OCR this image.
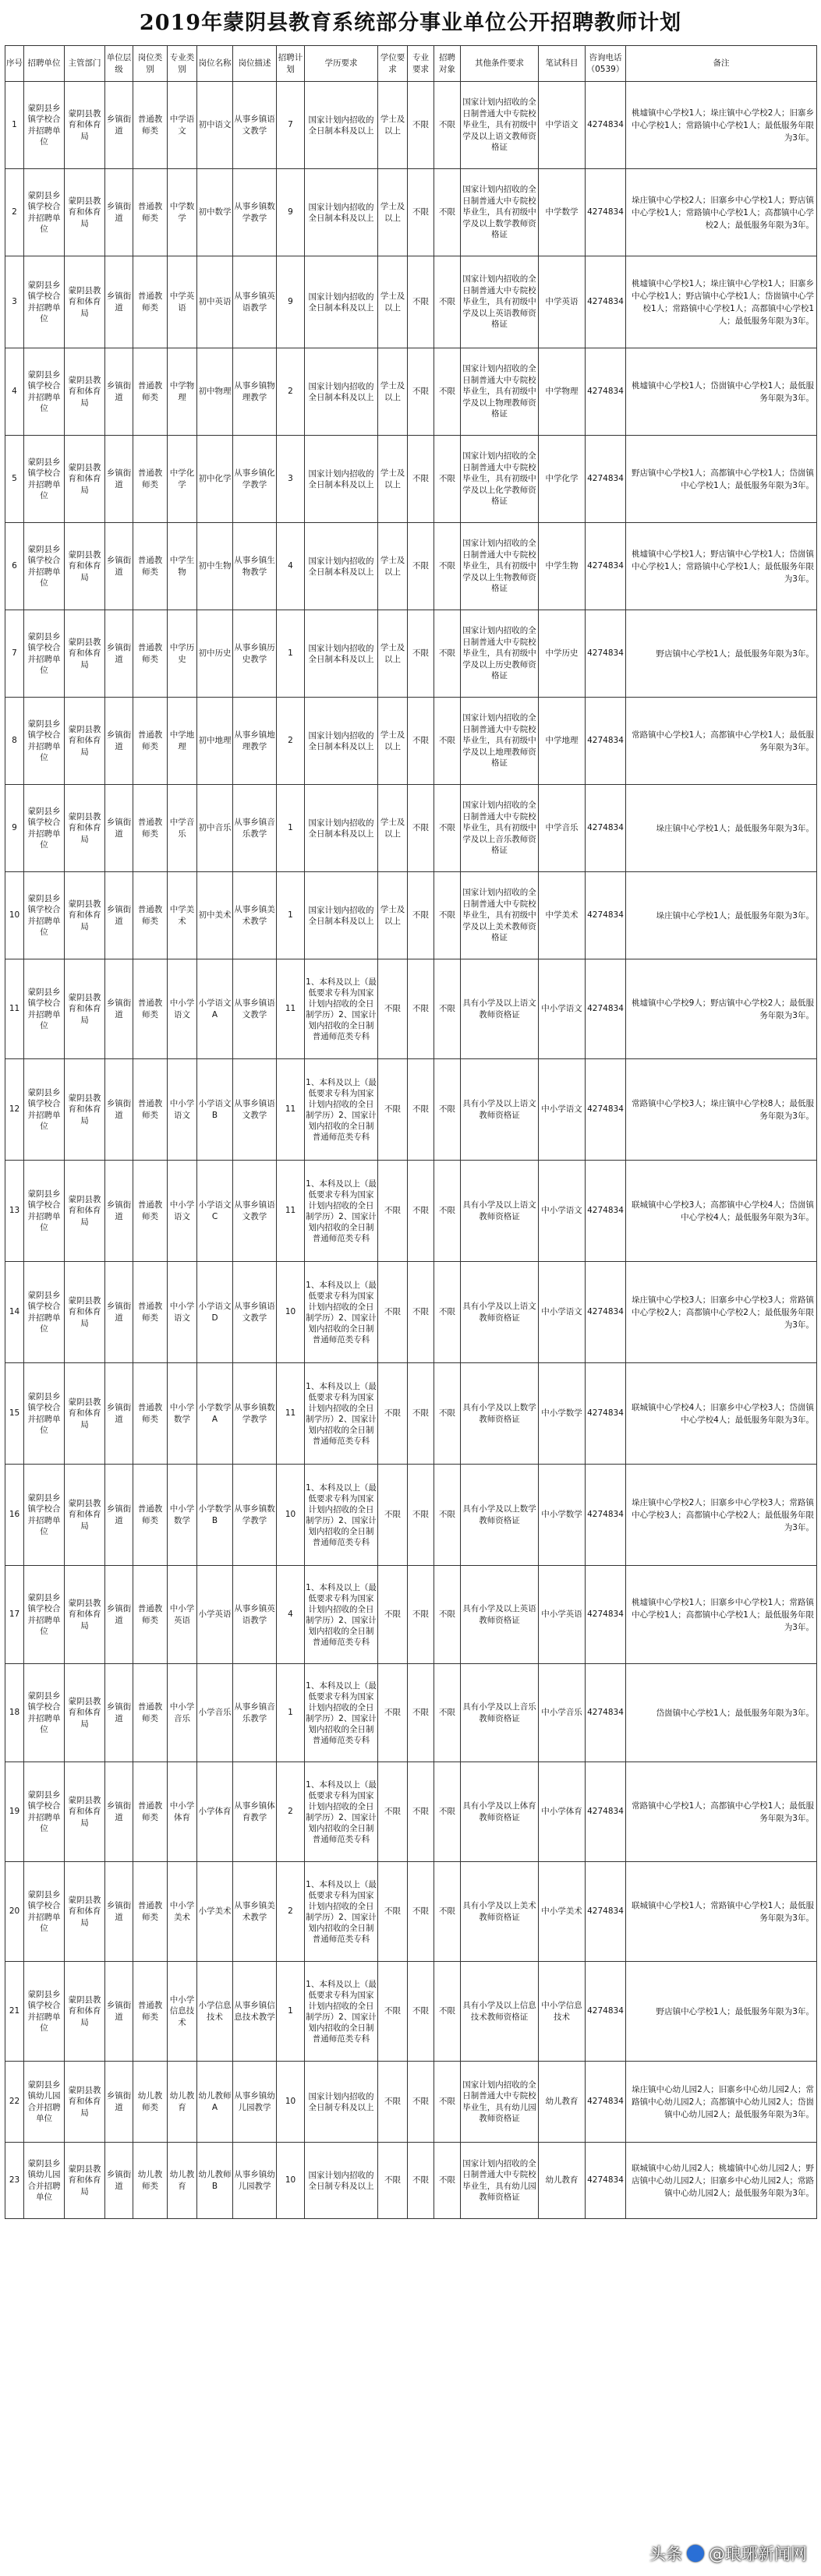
2019年蒙阴县教育系统部分事业单位公开招聘教师计划
序号	招聘单位	主管部门	单位层级	岗位类别	专业类别	岗位名称	岗位描述	招聘计划	学历要求	学位要求	专业要求	招聘对象	其他条件要求	笔试科目	咨询电话（0539）	备注
1	蒙阴县乡镇学校合并招聘单位	蒙阴县教育和体育局	乡镇街道	普通教师类	中学语文	初中语文	从事乡镇语文教学	7	国家计划内招收的全日制本科及以上	学士及以上	不限	不限	国家计划内招收的全日制普通大中专院校毕业生，具有初级中学及以上语文教师资格证	中学语文	4274834	桃墟镇中心学校1人；垛庄镇中心学校2人；旧寨乡中心学校1人；常路镇中心学校1人；最低服务年限为3年。
2	蒙阴县乡镇学校合并招聘单位	蒙阴县教育和体育局	乡镇街道	普通教师类	中学数学	初中数学	从事乡镇数学教学	9	国家计划内招收的全日制本科及以上	学士及以上	不限	不限	国家计划内招收的全日制普通大中专院校毕业生，具有初级中学及以上数学教师资格证	中学数学	4274834	垛庄镇中心学校2人；旧寨乡中心学校1人；野店镇中心学校1人；常路镇中心学校1人；高都镇中心学校2人；最低服务年限为3年。
3	蒙阴县乡镇学校合并招聘单位	蒙阴县教育和体育局	乡镇街道	普通教师类	中学英语	初中英语	从事乡镇英语教学	9	国家计划内招收的全日制本科及以上	学士及以上	不限	不限	国家计划内招收的全日制普通大中专院校毕业生，具有初级中学及以上英语教师资格证	中学英语	4274834	桃墟镇中心学校1人；垛庄镇中心学校1人；旧寨乡中心学校1人；野店镇中心学校1人；岱崮镇中心学校1人；常路镇中心学校1人；高都镇中心学校1人；最低服务年限为3年。
4	蒙阴县乡镇学校合并招聘单位	蒙阴县教育和体育局	乡镇街道	普通教师类	中学物理	初中物理	从事乡镇物理教学	2	国家计划内招收的全日制本科及以上	学士及以上	不限	不限	国家计划内招收的全日制普通大中专院校毕业生，具有初级中学及以上物理教师资格证	中学物理	4274834	桃墟镇中心学校1人；岱崮镇中心学校1人；最低服务年限为3年。
5	蒙阴县乡镇学校合并招聘单位	蒙阴县教育和体育局	乡镇街道	普通教师类	中学化学	初中化学	从事乡镇化学教学	3	国家计划内招收的全日制本科及以上	学士及以上	不限	不限	国家计划内招收的全日制普通大中专院校毕业生，具有初级中学及以上化学教师资格证	中学化学	4274834	野店镇中心学校1人；高都镇中心学校1人；岱崮镇中心学校1人；最低服务年限为3年。
6	蒙阴县乡镇学校合并招聘单位	蒙阴县教育和体育局	乡镇街道	普通教师类	中学生物	初中生物	从事乡镇生物教学	4	国家计划内招收的全日制本科及以上	学士及以上	不限	不限	国家计划内招收的全日制普通大中专院校毕业生，具有初级中学及以上生物教师资格证	中学生物	4274834	桃墟镇中心学校1人；野店镇中心学校1人；岱崮镇中心学校1人；常路镇中心学校1人；最低服务年限为3年。
7	蒙阴县乡镇学校合并招聘单位	蒙阴县教育和体育局	乡镇街道	普通教师类	中学历史	初中历史	从事乡镇历史教学	1	国家计划内招收的全日制本科及以上	学士及以上	不限	不限	国家计划内招收的全日制普通大中专院校毕业生，具有初级中学及以上历史教师资格证	中学历史	4274834	野店镇中心学校1人；最低服务年限为3年。
8	蒙阴县乡镇学校合并招聘单位	蒙阴县教育和体育局	乡镇街道	普通教师类	中学地理	初中地理	从事乡镇地理教学	2	国家计划内招收的全日制本科及以上	学士及以上	不限	不限	国家计划内招收的全日制普通大中专院校毕业生，具有初级中学及以上地理教师资格证	中学地理	4274834	常路镇中心学校1人；高都镇中心学校1人；最低服务年限为3年。
9	蒙阴县乡镇学校合并招聘单位	蒙阴县教育和体育局	乡镇街道	普通教师类	中学音乐	初中音乐	从事乡镇音乐教学	1	国家计划内招收的全日制本科及以上	学士及以上	不限	不限	国家计划内招收的全日制普通大中专院校毕业生，具有初级中学及以上音乐教师资格证	中学音乐	4274834	垛庄镇中心学校1人；最低服务年限为3年。
10	蒙阴县乡镇学校合并招聘单位	蒙阴县教育和体育局	乡镇街道	普通教师类	中学美术	初中美术	从事乡镇美术教学	1	国家计划内招收的全日制本科及以上	学士及以上	不限	不限	国家计划内招收的全日制普通大中专院校毕业生，具有初级中学及以上美术教师资格证	中学美术	4274834	垛庄镇中心学校1人；最低服务年限为3年。
11	蒙阴县乡镇学校合并招聘单位	蒙阴县教育和体育局	乡镇街道	普通教师类	中小学语文	小学语文A	从事乡镇语文教学	11	1、本科及以上（最低要求专科为国家计划内招收的全日制学历）2、国家计划内招收的全日制普通师范类专科	不限	不限	不限	具有小学及以上语文教师资格证	中小学语文	4274834	桃墟镇中心学校9人；野店镇中心学校2人；最低服务年限为3年。
12	蒙阴县乡镇学校合并招聘单位	蒙阴县教育和体育局	乡镇街道	普通教师类	中小学语文	小学语文B	从事乡镇语文教学	11	1、本科及以上（最低要求专科为国家计划内招收的全日制学历）2、国家计划内招收的全日制普通师范类专科	不限	不限	不限	具有小学及以上语文教师资格证	中小学语文	4274834	常路镇中心学校3人；垛庄镇中心学校8人；最低服务年限为3年。
13	蒙阴县乡镇学校合并招聘单位	蒙阴县教育和体育局	乡镇街道	普通教师类	中小学语文	小学语文C	从事乡镇语文教学	11	1、本科及以上（最低要求专科为国家计划内招收的全日制学历）2、国家计划内招收的全日制普通师范类专科	不限	不限	不限	具有小学及以上语文教师资格证	中小学语文	4274834	联城镇中心学校3人；高都镇中心学校4人；岱崮镇中心学校4人；最低服务年限为3年。
14	蒙阴县乡镇学校合并招聘单位	蒙阴县教育和体育局	乡镇街道	普通教师类	中小学语文	小学语文D	从事乡镇语文教学	10	1、本科及以上（最低要求专科为国家计划内招收的全日制学历）2、国家计划内招收的全日制普通师范类专科	不限	不限	不限	具有小学及以上语文教师资格证	中小学语文	4274834	垛庄镇中心学校3人；旧寨乡中心学校3人；常路镇中心学校2人；高都镇中心学校2人；最低服务年限为3年。
15	蒙阴县乡镇学校合并招聘单位	蒙阴县教育和体育局	乡镇街道	普通教师类	中小学数学	小学数学A	从事乡镇数学教学	11	1、本科及以上（最低要求专科为国家计划内招收的全日制学历）2、国家计划内招收的全日制普通师范类专科	不限	不限	不限	具有小学及以上数学教师资格证	中小学数学	4274834	联城镇中心学校4人；旧寨乡中心学校3人；岱崮镇中心学校4人；最低服务年限为3年。
16	蒙阴县乡镇学校合并招聘单位	蒙阴县教育和体育局	乡镇街道	普通教师类	中小学数学	小学数学B	从事乡镇数学教学	10	1、本科及以上（最低要求专科为国家计划内招收的全日制学历）2、国家计划内招收的全日制普通师范类专科	不限	不限	不限	具有小学及以上数学教师资格证	中小学数学	4274834	垛庄镇中心学校2人；旧寨乡中心学校3人；常路镇中心学校3人；高都镇中心学校2人；最低服务年限为3年。
17	蒙阴县乡镇学校合并招聘单位	蒙阴县教育和体育局	乡镇街道	普通教师类	中小学英语	小学英语	从事乡镇英语教学	4	1、本科及以上（最低要求专科为国家计划内招收的全日制学历）2、国家计划内招收的全日制普通师范类专科	不限	不限	不限	具有小学及以上英语教师资格证	中小学英语	4274834	桃墟镇中心学校1人；旧寨乡中心学校1人；常路镇中心学校1人；高都镇中心学校1人；最低服务年限为3年。
18	蒙阴县乡镇学校合并招聘单位	蒙阴县教育和体育局	乡镇街道	普通教师类	中小学音乐	小学音乐	从事乡镇音乐教学	1	1、本科及以上（最低要求专科为国家计划内招收的全日制学历）2、国家计划内招收的全日制普通师范类专科	不限	不限	不限	具有小学及以上音乐教师资格证	中小学音乐	4274834	岱崮镇中心学校1人；最低服务年限为3年。
19	蒙阴县乡镇学校合并招聘单位	蒙阴县教育和体育局	乡镇街道	普通教师类	中小学体育	小学体育	从事乡镇体育教学	2	1、本科及以上（最低要求专科为国家计划内招收的全日制学历）2、国家计划内招收的全日制普通师范类专科	不限	不限	不限	具有小学及以上体育教师资格证	中小学体育	4274834	常路镇中心学校1人；高都镇中心学校1人；最低服务年限为3年。
20	蒙阴县乡镇学校合并招聘单位	蒙阴县教育和体育局	乡镇街道	普通教师类	中小学美术	小学美术	从事乡镇美术教学	2	1、本科及以上（最低要求专科为国家计划内招收的全日制学历）2、国家计划内招收的全日制普通师范类专科	不限	不限	不限	具有小学及以上美术教师资格证	中小学美术	4274834	联城镇中心学校1人；常路镇中心学校1人；最低服务年限为3年。
21	蒙阴县乡镇学校合并招聘单位	蒙阴县教育和体育局	乡镇街道	普通教师类	中小学信息技术	小学信息技术	从事乡镇信息技术教学	1	1、本科及以上（最低要求专科为国家计划内招收的全日制学历）2、国家计划内招收的全日制普通师范类专科	不限	不限	不限	具有小学及以上信息技术教师资格证	中小学信息技术	4274834	野店镇中心学校1人；最低服务年限为3年。
22	蒙阴县乡镇幼儿园合并招聘单位	蒙阴县教育和体育局	乡镇街道	幼儿教师类	幼儿教育	幼儿教师A	从事乡镇幼儿园教学	10	国家计划内招收的全日制专科及以上	不限	不限	不限	国家计划内招收的全日制普通大中专院校毕业生，具有幼儿园教师资格证	幼儿教育	4274834	垛庄镇中心幼儿园2人；旧寨乡中心幼儿园2人；常路镇中心幼儿园2人；高都镇中心幼儿园2人；岱崮镇中心幼儿园2人；最低服务年限为3年。
23	蒙阴县乡镇幼儿园合并招聘单位	蒙阴县教育和体育局	乡镇街道	幼儿教师类	幼儿教育	幼儿教师B	从事乡镇幼儿园教学	10	国家计划内招收的全日制专科及以上	不限	不限	不限	国家计划内招收的全日制普通大中专院校毕业生，具有幼儿园教师资格证	幼儿教育	4274834	联城镇中心幼儿园2人；桃墟镇中心幼儿园2人；野店镇中心幼儿园2人；旧寨乡中心幼儿园2人；常路镇中心幼儿园2人；最低服务年限为3年。
头条 @琅琊新闻网
